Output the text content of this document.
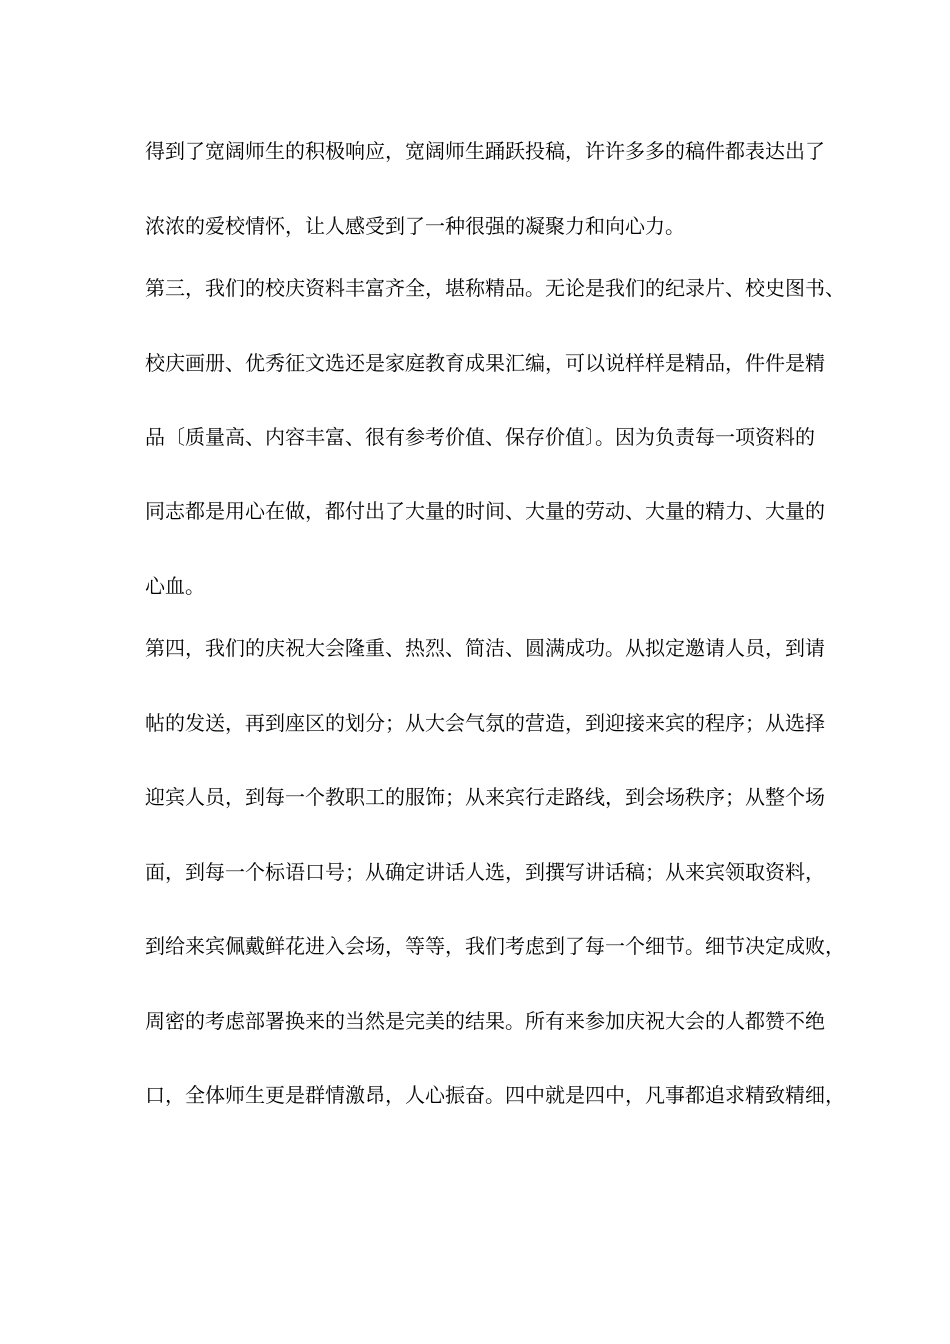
得到了宽阔师生的积极响应，宽阔师生踊跃投稿，许许多多的稿件都表达出了
浓浓的爱校情怀，让人感受到了一种很强的凝聚力和向心力。
第三，我们的校庆资料丰富齐全，堪称精品。无论是我们的纪录片、校史图书、
校庆画册、优秀征文选还是家庭教育成果汇编，可以说样样是精品，件件是精
品〔质量高、内容丰富、很有参考价值、保存价值〕。因为负责每一项资料的
同志都是用心在做，都付出了大量的时间、大量的劳动、大量的精力、大量的
心血。
第四，我们的庆祝大会隆重、热烈、简洁、圆满成功。从拟定邀请人员，到请
帖的发送，再到座区的划分；从大会气氛的营造，到迎接来宾的程序；从选择
迎宾人员，到每一个教职工的服饰；从来宾行走路线，到会场秩序；从整个场
面，到每一个标语口号；从确定讲话人选，到撰写讲话稿；从来宾领取资料，
到给来宾佩戴鲜花进入会场，等等，我们考虑到了每一个细节。细节决定成败，
周密的考虑部署换来的当然是完美的结果。所有来参加庆祝大会的人都赞不绝
口，全体师生更是群情激昂，人心振奋。四中就是四中，凡事都追求精致精细，
